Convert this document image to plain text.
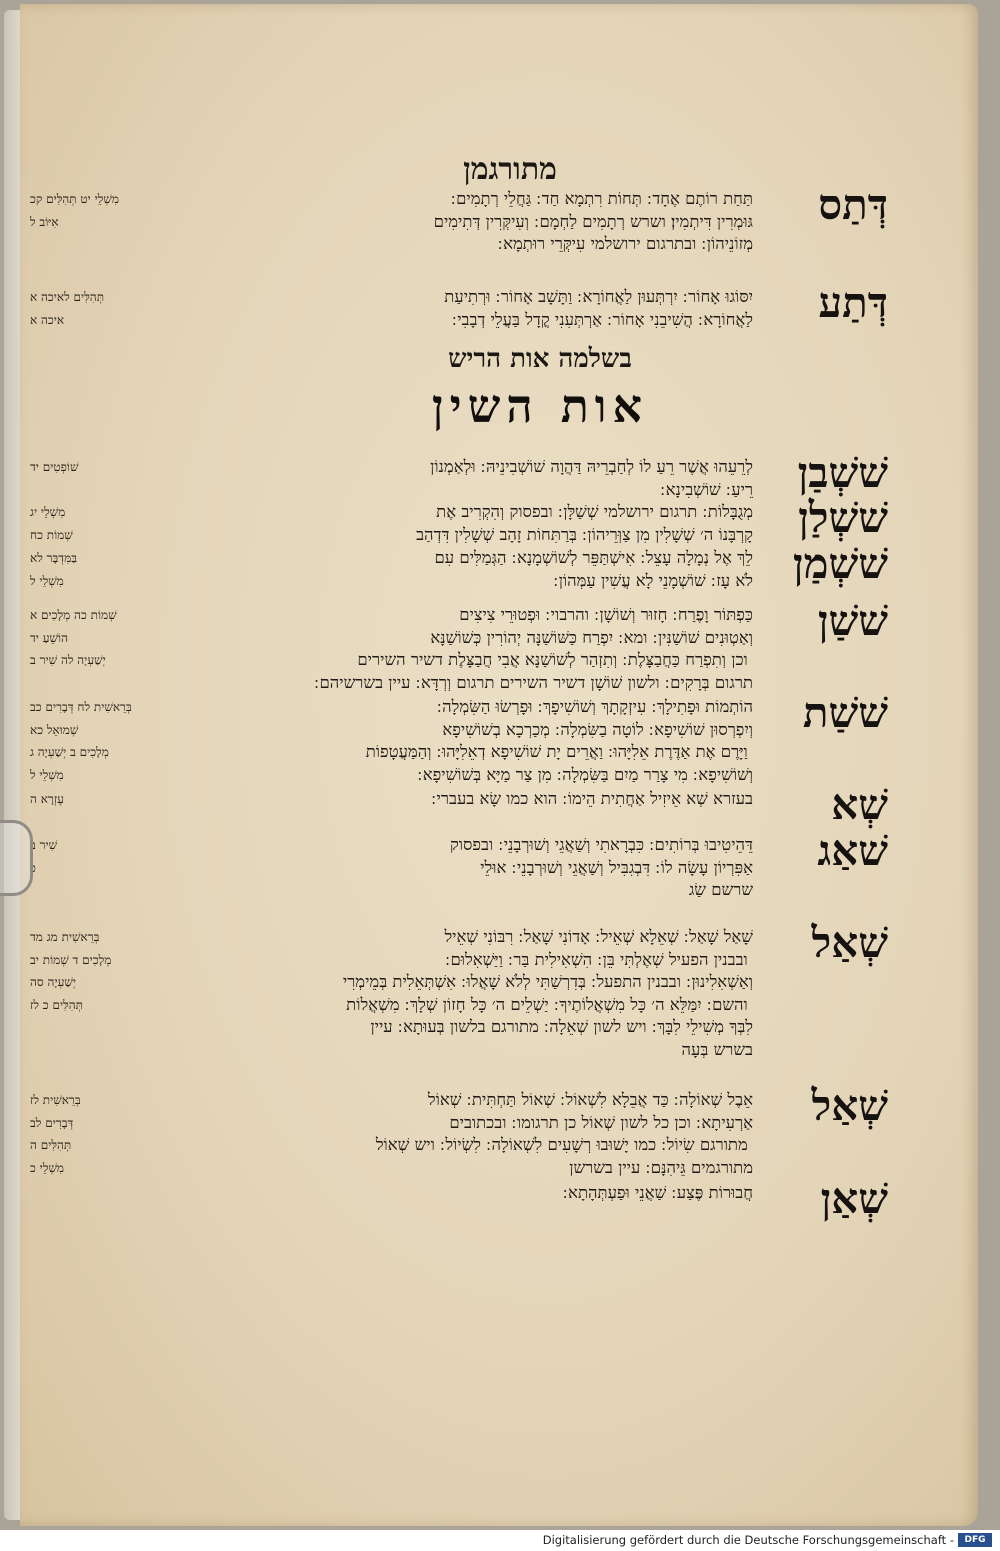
מתורגמן
בשלמה אות הריש
אות השין
דְּתַס
תַּחַת רוֹתֶם אֶחָד ׃ תְּחוֹת רִתְמָא חַד ׃ גַּחֲלֵי רְתָמִים ׃
גּוּמְרִין דִּיתְמִין׃ ושרש רְתָמִים לַחְמָם ׃ וְעִיקְּרִין דְּתִימִים
מְזוֹנֵיהוֹן ׃ ובתרגום ירושלמי עִיקְּרֵי רוּתְמָא ׃
מִשְׁלֵי יט תְּהִלִּים קכ
אִיּוֹב ל
דְּתַע
יִסּוֹגוּ אָחוֹר ׃ יִרְתְּעוּן לַאֲחוֹרָא ׃ וַתָּשָׁב אָחוֹר ׃ וּרְתִיעַת
לַאֲחוֹרָא ׃ הֲשִׁיבֵנִי אָחוֹר ׃ אַרְתְּעִנִי קֳדָל בַּעֲלֵי דְבָבִי ׃
תְּהִלִּים לאיכה א
איכה א
שׁשְׁבַן
לְרֵעֵהוּ אֲשֶׁר רֵעַ לוֹ לְחַבְרֵיהּ דַּהֲוָה שׁוֹשְׁבִינֵיהּ ׃ וּלְאַמְנוֹן
רֵיעַ ׃ שׁוֹשְׁבִינָא ׃
שׁוֹפְטִים יד
שׁשְׁלַן
מְגֻבָּלוֹת ׃ תרגום ירושלמי שְׁשַׁלָּן ׃ ובפסוק וְהִקְרִיב אֶת
קָרְבָּנוֹ ה׳ שְׁשָׁלִין מִן צַוְּרֵיהוֹן ׃ בְּרַתִּחוֹת זָהָב שְׁשָׁלִין דִּדְהַב
מִשְׁלֵי יג
שְׁמוֹת כח
שׁשְׁמַן
לֵךְ אֶל נְמָלָה עָצֵל ׃ אִישְׁתַּפֵּר לְשׁוֹשְׁמָנָא ׃ הַגְּמַלִּים עִם
לֹא עָז ׃ שׁוֹשְׁמָנֵי לָא עֲשִׁין עַמְּהוֹן ׃
בַּמִּדְבָּר לא
מִשְׁלֵי ל
שׁשַׁן
כַּפְתּוֹר וָפֶרַח ׃ חָזוּר וְשׁוֹשָׁן ׃ והרבוי ׃ וּפְטוּרֵי צִיצִים
וְאַטְוּנִים שׁוֹשַׁנִּין ׃ ומא ׃ יִפְרַח כַּשּׁוֹשַׁנָּה יְהוֹרִין כְּשׁוֹשַׁנָּא
׃ וכן וְתִפְרַח כַּחֲבַצָּלֶת ׃ וְתִזְהַר לְשׁוֹשַׁנָּא אֲבִי חֲבַצָּלֶת דשיר השירים
תרגום בְּרָקִים ׃ ולשון שׁוֹשָׁן דשיר השירים תרגום וְרְדָּא ׃ עיין בשרשיהם ׃
שְׁמוֹת כה מְלָכִים א
הוֹשֵׁעַ יד
יְשַׁעְיָה לה שִׁיר ב
שׁשַׁת
הוֹתְמוֹת וּפָתִילָךְ ׃ עִיזְקָתָךְ וְשׁוֹשִׁיפָךְ ׃ וּפָרְשׂוּ הַשִּׂמְלָה ׃
וְיִפְרְסוּן שׁוֹשִׁיפָא ׃ לוֹטָה בַשִּׂמְלָה ׃ מְכַרְכָא בְשׁוֹשִׁיפָא
׃ וַיָּרֶם אֶת אַדֶּרֶת אֵלִיָּהוּ ׃ וַאֲרֵים יָת שׁוֹשִׁיפָא דְאֵלִיָּהוּ ׃ וְהַמַּעֲטָפוֹת
וְשׁוֹשִׁיפָא ׃ מִי צָרַר מַיִם בַּשִּׂמְלָה ׃ מִן צַר מַיָּא בְּשׁוֹשִׁיפָא ׃
בְּרֵאשִׁית לח דְּבָרִים כב
שְׁמוּאֵל כא
מְלָכִים ב יְשַׁעְיָה ג
מִשְׁלֵי ל
שְׁא
בעזרא שְׁא אֵיזִיל אַחֲתִית הֵימוֹ ׃ הוא כמו שָׂא בעברי ׃
עֶזְרָא ה
שׁאַג
דֵּהֵיטִיבוּ בְּרוֹתִים ׃ כִּבְרָאתִי וְשַׁאֲגֵי וְשׁוּרְבָנֵי ׃ ובפסוק
אַפִּרְיוֹן עָשָׂה לוֹ ׃ דִּבְגִבִּיל וְשַׁאֲגֵי וְשׁוּרְבָנֵי ׃ אוּלֵי
שרשם שַׂג
שִׁיר ב
כ
שְׁאַל
שָׁאַל שָׁאַל ׃ שְׁאֵלָא שְׁאֵיל ׃ אָדוֹנִי שָׁאַל ׃ רִבּוֹנִי שְׁאֵיל
׃ ובבנין הפעיל שְׁאֶלְתִּי בֵּן ׃ הִשְׁאִילִית בַּר ׃ וַיַּשְׁאִלוּם ׃
וְאַשְׁאִלִינוּן ׃ ובבנין התפעל ׃ בְּדִרְשַׁתִּי לְלֹא שָׁאֲלוּ ׃ אִשְׁתְּאֵלִית בְּמֵימְרִי
׃ והשם ׃ יִמַּלֵּא ה׳ כָּל מִשְׁאֲלוֹתֶיךָ ׃ יַשְׁלֵים ה׳ כָּל חָזוֹן שְׁלָךְ ׃ מִשְׁאֲלוֹת
לִבְּךָ מְשִׁילֵי לִבָּךְ ׃ ויש לשון שְׁאֵלָה ׃ מתורגם בלשון בְּעוּתָא ׃ עיין
בשרש בְּעָה
בְּרֵאשִׁית מג מד
מְלָכִים ד שְׁמוֹת יב
יְשַׁעְיָה סה
תְּהִלִּים כ לז
שְׁאַל
אֵבֶל שְׁאוֹלָה ׃ כַּד אֲבֵלָא לִשְׁאוֹל ׃ שְׁאוֹל תַּחְתִּית ׃ שְׁאוֹל
אַרְעִיתָא ׃ וכן כל לשון שְׁאוֹל כן תרגומו ׃ ובכתובים
׃ מתורגם שִׂיוֹל ׃ כמו יָשׁוּבוּ רְשָׁעִים לִשְׁאוֹלָה ׃ לִשְׂיוֹל ׃ ויש שְׁאוֹל
מתורגמים גֵּיהִנָּם ׃ עיין בשרשן
בְּרֵאשִׁית לז
דְּבָרִים לב
תְּהִלִּים ה
מִשְׁלֵי כ
שְׁאַן
חֲבוּרוֹת פֶּצַע ׃ שַׁאֲנֵי וּפַעְתְּהָתָא ׃
Digitalisierung gefördert durch die Deutsche Forschungsgemeinschaft -	DFG
